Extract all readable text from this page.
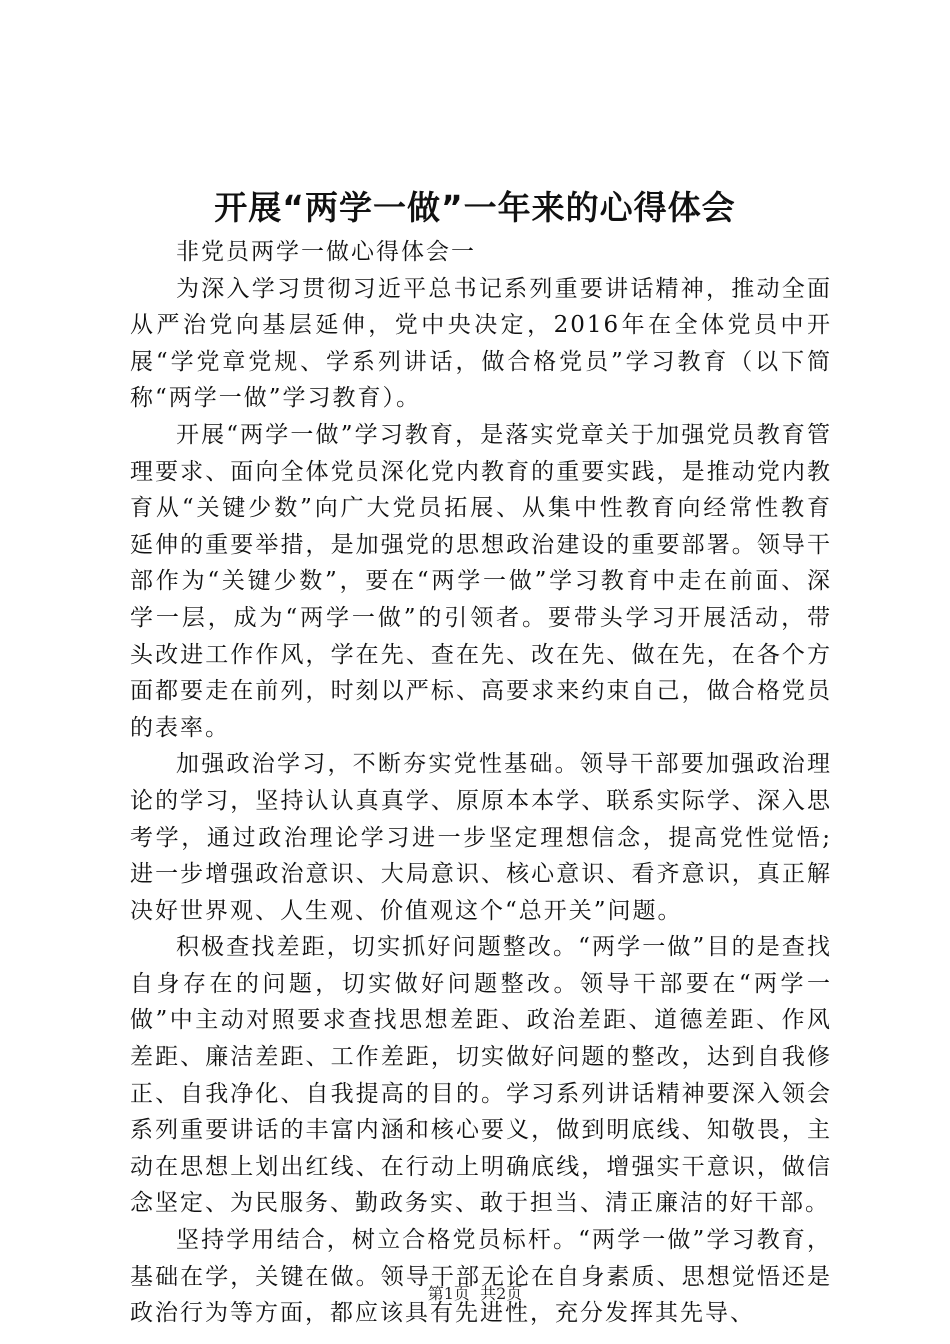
开展“两学一做”一年来的心得体会

非党员两学一做心得体会一

为深入学习贯彻习近平总书记系列重要讲话精神，推动全面从严治党向基层延伸，党中央决定，2016年在全体党员中开展“学党章党规、学系列讲话，做合格党员”学习教育（以下简称“两学一做”学习教育）。

开展“两学一做”学习教育，是落实党章关于加强党员教育管理要求、面向全体党员深化党内教育的重要实践，是推动党内教育从“关键少数”向广大党员拓展、从集中性教育向经常性教育延伸的重要举措，是加强党的思想政治建设的重要部署。领导干部作为“关键少数”，要在“两学一做”学习教育中走在前面、深学一层，成为“两学一做”的引领者。要带头学习开展活动，带头改进工作作风，学在先、查在先、改在先、做在先，在各个方面都要走在前列，时刻以严标、高要求来约束自己，做合格党员的表率。

加强政治学习，不断夯实党性基础。领导干部要加强政治理论的学习，坚持认认真真学、原原本本学、联系实际学、深入思考学，通过政治理论学习进一步坚定理想信念，提高党性觉悟;进一步增强政治意识、大局意识、核心意识、看齐意识，真正解决好世界观、人生观、价值观这个“总开关”问题。

积极查找差距，切实抓好问题整改。“两学一做”目的是查找自身存在的问题，切实做好问题整改。领导干部要在“两学一做”中主动对照要求查找思想差距、政治差距、道德差距、作风差距、廉洁差距、工作差距，切实做好问题的整改，达到自我修正、自我净化、自我提高的目的。学习系列讲话精神要深入领会系列重要讲话的丰富内涵和核心要义，做到明底线、知敬畏，主动在思想上划出红线、在行动上明确底线，增强实干意识，做信念坚定、为民服务、勤政务实、敢于担当、清正廉洁的好干部。

坚持学用结合，树立合格党员标杆。“两学一做”学习教育，基础在学，关键在做。领导干部无论在自身素质、思想觉悟还是政治行为等方面，都应该具有先进性，充分发挥其先导、

第1页 共2页
